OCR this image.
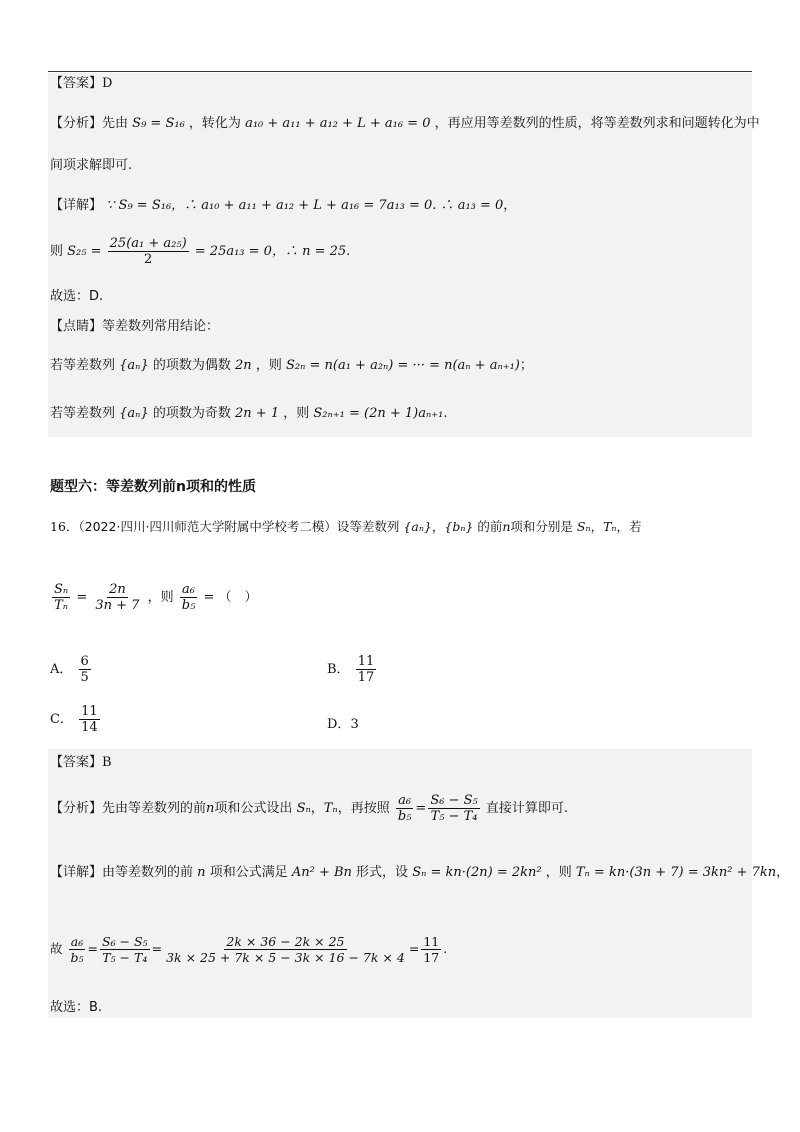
【答案】D
【分析】先由 S₉ = S₁₆ ，转化为 a₁₀ + a₁₁ + a₁₂ + L + a₁₆ = 0 ，再应用等差数列的性质，将等差数列求和问题转化为中
间项求解即可.
【详解】 ∵ S₉ = S₁₆，∴ a₁₀ + a₁₁ + a₁₂ + L + a₁₆ = 7a₁₃ = 0. ∴ a₁₃ = 0，
则 $S_{25} = \frac{\text{25(a₁ + a₂₅)}}{2} = 25a_{13} = 0$，∴ n = 25.
故选：D.
【点睛】等差数列常用结论：
若等差数列 {aₙ} 的项数为偶数 2n ，则 S₂ₙ = n(a₁ + a₂ₙ) = ··· = n(aₙ + aₙ₊₁)；
若等差数列 {aₙ} 的项数为奇数 2n + 1 ，则 S₂ₙ₊₁ = (2n + 1)aₙ₊₁.
题型六：等差数列前n项和的性质
16．（2022·四川·四川师范大学附属中学校考二模）设等差数列 {aₙ}，{bₙ} 的前n项和分别是 Sₙ，Tₙ，若
$\frac{\text{Sₙ}}{\text{Tₙ}} = \frac{2n}{3n + 7}$ ，则 $\frac{\text{a₆}}{\text{b₅}}$ = （　）
A． $\frac{6}{5}$	B． $\frac{11}{17}$
C． $\frac{11}{14}$	D．3
【答案】B
【分析】先由等差数列的前n项和公式设出 Sₙ，Tₙ，再按照 $\frac{\text{a₆}}{\text{b₅}} = \frac{\text{S₆ − S₅}}{\text{T₅ − T₄}}$ 直接计算即可.
【详解】由等差数列的前 n 项和公式满足 An² + Bn 形式，设 Sₙ = kn·(2n) = 2kn² ，则 Tₙ = kn·(3n + 7) = 3kn² + 7kn，
故 $\frac{\text{a₆}}{\text{b₅}} = \frac{\text{S₆ − S₅}}{\text{T₅ − T₄}} = \frac{2k \times 36 - 2k \times 25}{3k \times 25 + 7k \times 5 - 3k \times 16 - 7k \times 4} = \frac{11}{17}$ .
故选：B.
